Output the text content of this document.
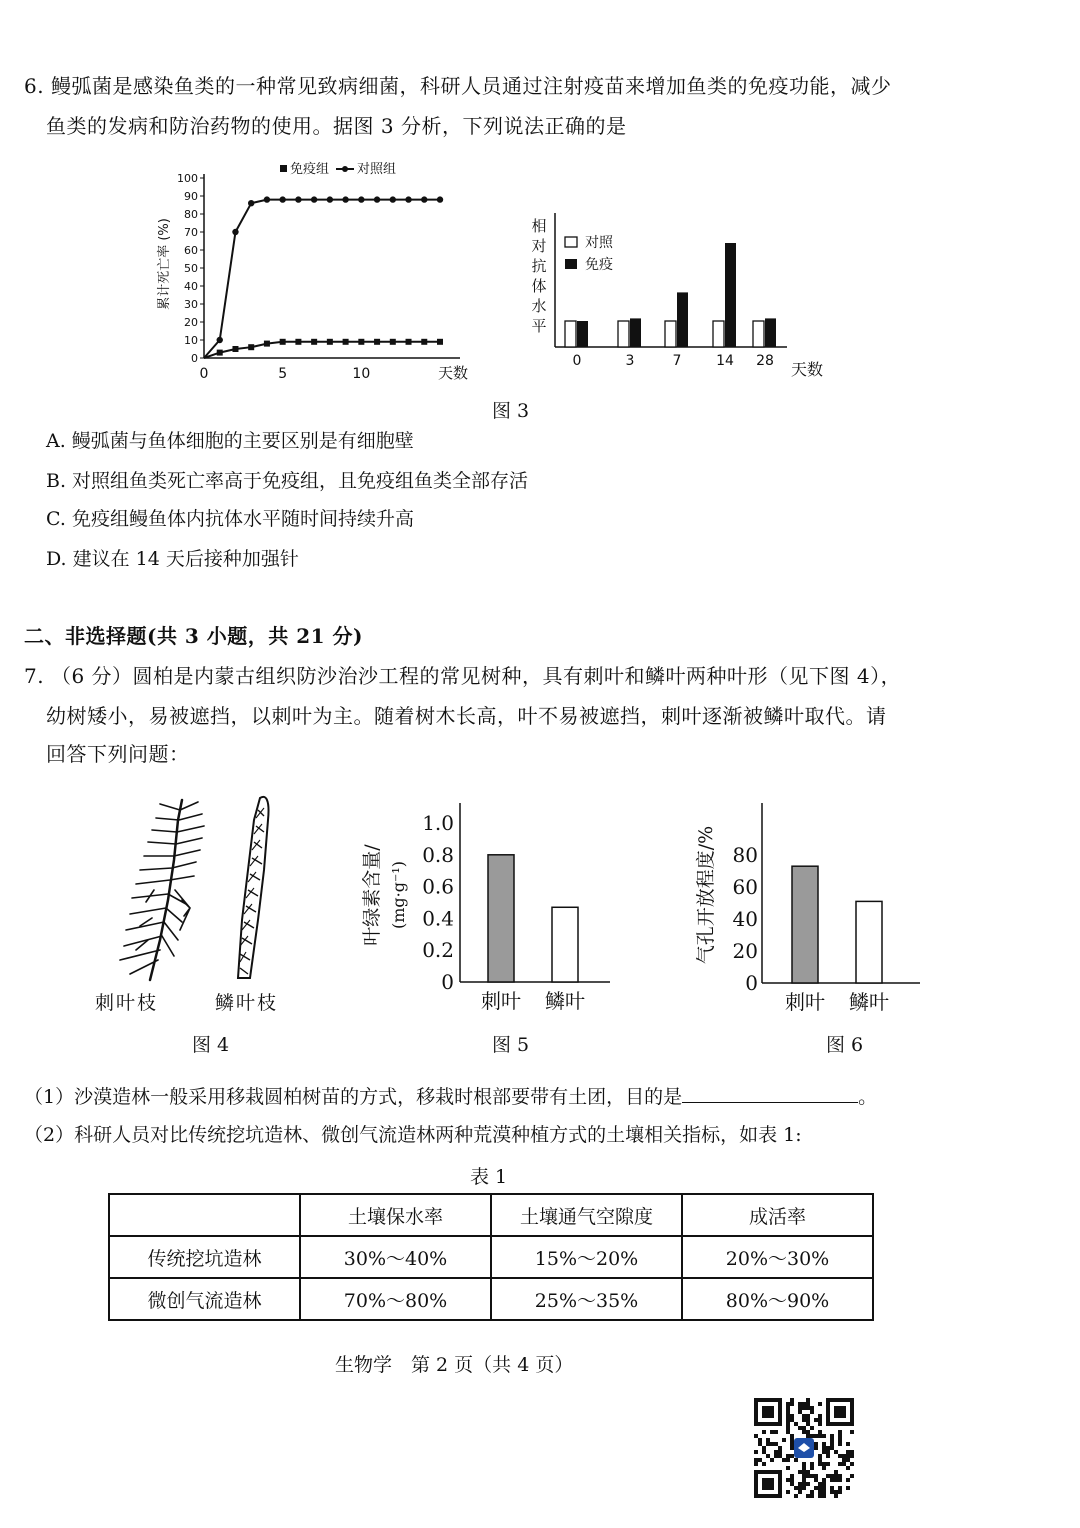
6. 鳗弧菌是感染鱼类的一种常见致病细菌，科研人员通过注射疫苗来增加鱼类的免疫功能，减少
鱼类的发病和防治药物的使用。据图 3 分析，下列说法正确的是
免疫组 对照组
累计死亡率 (%)
0
10
20
30
40
50
60
70
80
90
100
0	5	10	天数
相
对
抗
体
水
平
对照
免疫
0	3	7 14 28 天数
图 3
A. 鳗弧菌与鱼体细胞的主要区别是有细胞壁
B. 对照组鱼类死亡率高于免疫组，且免疫组鱼类全部存活
C. 免疫组鳗鱼体内抗体水平随时间持续升高
D. 建议在 14 天后接种加强针
二、非选择题(共 3 小题，共 21 分)
7. （6 分）圆柏是内蒙古组织防沙治沙工程的常见树种，具有刺叶和鳞叶两种叶形（见下图 4），
幼树矮小，易被遮挡，以刺叶为主。随着树木长高，叶不易被遮挡，刺叶逐渐被鳞叶取代。请
回答下列问题：
刺叶枝	鳞叶枝
图 4
叶绿素含量/ (mg·g⁻¹)
0
0.2
0.4
0.6
0.8
1.0
刺叶 鳞叶
图 5
气孔开放程度/%
0
20
40
60
80
刺叶 鳞叶
图 6
（1）沙漠造林一般采用移栽圆柏树苗的方式，移栽时根部要带有土团，目的是	。
（2）科研人员对比传统挖坑造林、微创气流造林两种荒漠种植方式的土壤相关指标，如表 1:
表 1
	土壤保水率	土壤通气空隙度	成活率
传统挖坑造林	30%～40%	15%～20%	20%～30%
微创气流造林	70%～80%	25%～35%	80%～90%
生物学　第 2 页（共 4 页）
